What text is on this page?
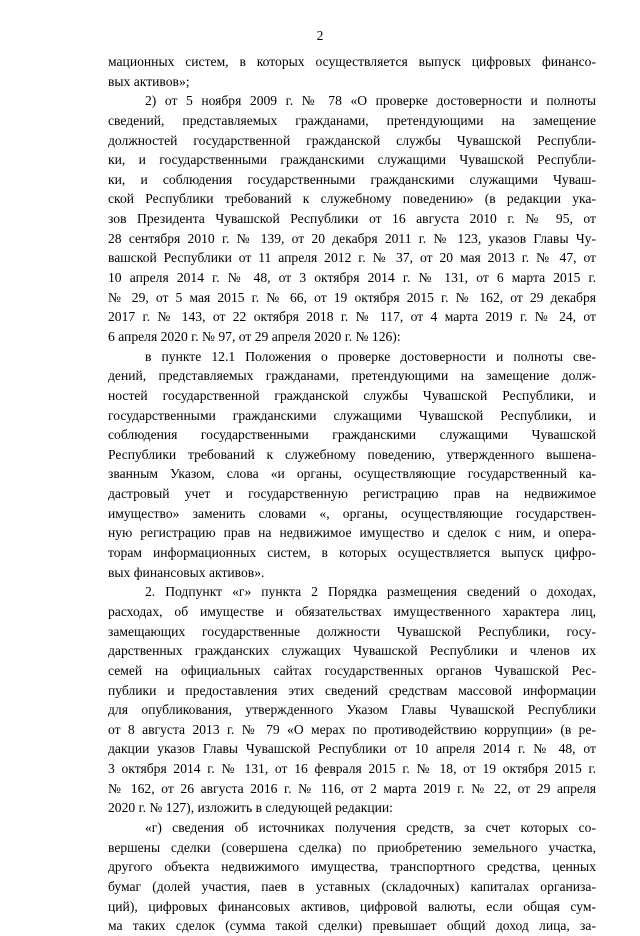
2
мационных систем, в которых осуществляется выпуск цифровых финансо-
вых активов»;
2) от 5 ноября 2009 г. № 78 «О проверке достоверности и полноты
сведений, представляемых гражданами, претендующими на замещение
должностей государственной гражданской службы Чувашской Республи-
ки, и государственными гражданскими служащими Чувашской Республи-
ки, и соблюдения государственными гражданскими служащими Чуваш-
ской Республики требований к служебному поведению» (в редакции ука-
зов Президента Чувашской Республики от 16 августа 2010 г. № 95, от
28 сентября 2010 г. № 139, от 20 декабря 2011 г. № 123, указов Главы Чу-
вашской Республики от 11 апреля 2012 г. № 37, от 20 мая 2013 г. № 47, от
10 апреля 2014 г. № 48, от 3 октября 2014 г. № 131, от 6 марта 2015 г.
№ 29, от 5 мая 2015 г. № 66, от 19 октября 2015 г. № 162, от 29 декабря
2017 г. № 143, от 22 октября 2018 г. № 117, от 4 марта 2019 г. № 24, от
6 апреля 2020 г. № 97, от 29 апреля 2020 г. № 126):
в пункте 12.1 Положения о проверке достоверности и полноты све-
дений, представляемых гражданами, претендующими на замещение долж-
ностей государственной гражданской службы Чувашской Республики, и
государственными гражданскими служащими Чувашской Республики, и
соблюдения государственными гражданскими служащими Чувашской
Республики требований к служебному поведению, утвержденного вышена-
званным Указом, слова «и органы, осуществляющие государственный ка-
дастровый учет и государственную регистрацию прав на недвижимое
имущество» заменить словами «, органы, осуществляющие государствен-
ную регистрацию прав на недвижимое имущество и сделок с ним, и опера-
торам информационных систем, в которых осуществляется выпуск цифро-
вых финансовых активов».
2. Подпункт «г» пункта 2 Порядка размещения сведений о доходах,
расходах, об имуществе и обязательствах имущественного характера лиц,
замещающих государственные должности Чувашской Республики, госу-
дарственных гражданских служащих Чувашской Республики и членов их
семей на официальных сайтах государственных органов Чувашской Рес-
публики и предоставления этих сведений средствам массовой информации
для опубликования, утвержденного Указом Главы Чувашской Республики
от 8 августа 2013 г. № 79 «О мерах по противодействию коррупции» (в ре-
дакции указов Главы Чувашской Республики от 10 апреля 2014 г. № 48, от
3 октября 2014 г. № 131, от 16 февраля 2015 г. № 18, от 19 октября 2015 г.
№ 162, от 26 августа 2016 г. № 116, от 2 марта 2019 г. № 22, от 29 апреля
2020 г. № 127), изложить в следующей редакции:
«г) сведения об источниках получения средств, за счет которых со-
вершены сделки (совершена сделка) по приобретению земельного участка,
другого объекта недвижимого имущества, транспортного средства, ценных
бумаг (долей участия, паев в уставных (складочных) капиталах организа-
ций), цифровых финансовых активов, цифровой валюты, если общая сум-
ма таких сделок (сумма такой сделки) превышает общий доход лица, за-
